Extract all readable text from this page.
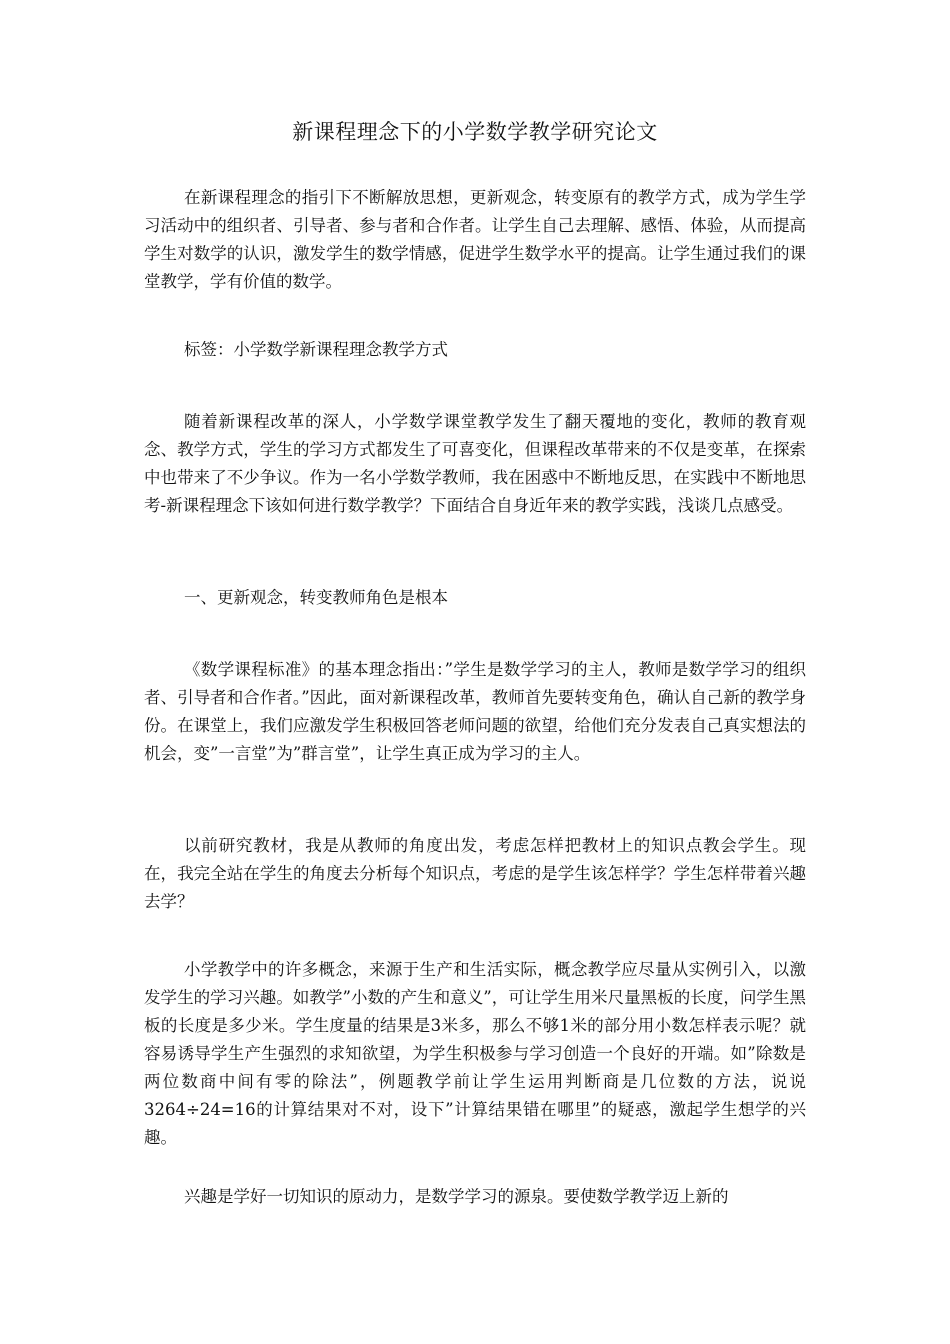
新课程理念下的小学数学教学研究论文

在新课程理念的指引下不断解放思想，更新观念，转变原有的教学方式，成为学生学习活动中的组织者、引导者、参与者和合作者。让学生自己去理解、感悟、体验，从而提高学生对数学的认识，激发学生的数学情感，促进学生数学水平的提高。让学生通过我们的课堂教学，学有价值的数学。

标签：小学数学新课程理念教学方式

随着新课程改革的深人，小学数学课堂教学发生了翻天覆地的变化，教师的教育观念、教学方式，学生的学习方式都发生了可喜变化，但课程改革带来的不仅是变革，在探索中也带来了不少争议。作为一名小学数学教师，我在困惑中不断地反思，在实践中不断地思考-新课程理念下该如何进行数学教学？下面结合自身近年来的教学实践，浅谈几点感受。

一、更新观念，转变教师角色是根本

《数学课程标准》的基本理念指出：”学生是数学学习的主人，教师是数学学习的组织者、引导者和合作者。”因此，面对新课程改革，教师首先要转变角色，确认自己新的教学身份。在课堂上，我们应激发学生积极回答老师问题的欲望，给他们充分发表自己真实想法的机会，变”一言堂”为”群言堂”，让学生真正成为学习的主人。

以前研究教材，我是从教师的角度出发，考虑怎样把教材上的知识点教会学生。现在，我完全站在学生的角度去分析每个知识点，考虑的是学生该怎样学？学生怎样带着兴趣去学？

小学教学中的许多概念，来源于生产和生活实际，概念教学应尽量从实例引入，以激发学生的学习兴趣。如教学”小数的产生和意义”，可让学生用米尺量黑板的长度，问学生黑板的长度是多少米。学生度量的结果是3米多，那么不够1米的部分用小数怎样表示呢？就容易诱导学生产生强烈的求知欲望，为学生积极参与学习创造一个良好的开端。如”除数是两位数商中间有零的除法”，例题教学前让学生运用判断商是几位数的方法，说说3264÷24=16的计算结果对不对，设下”计算结果错在哪里”的疑惑，激起学生想学的兴趣。

兴趣是学好一切知识的原动力，是数学学习的源泉。要使数学教学迈上新的
